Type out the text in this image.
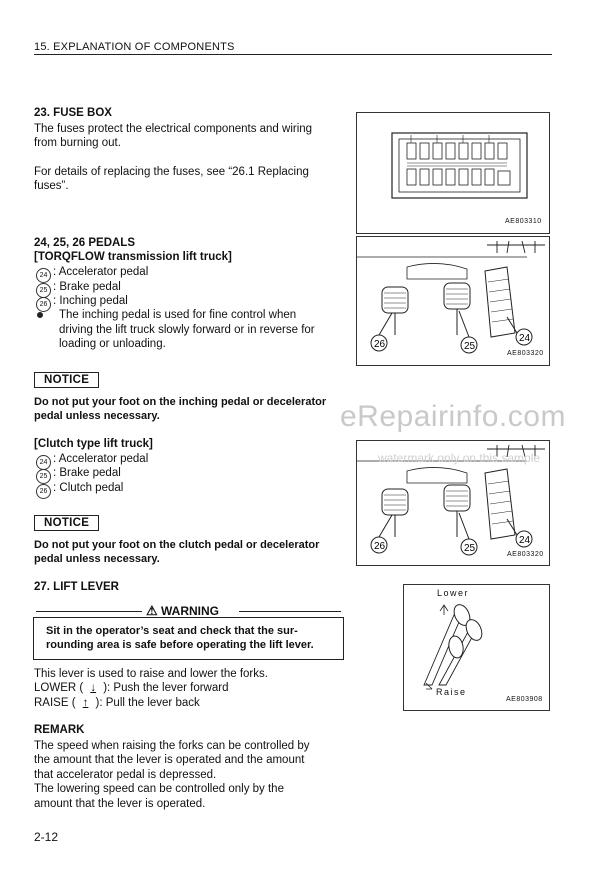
15. EXPLANATION OF COMPONENTS
23. FUSE BOX
The fuses protect the electrical components and wiring
from burning out.
For details of replacing the fuses, see “26.1 Replacing
fuses”.
AE803310
24, 25, 26 PEDALS
[TORQFLOW transmission lift truck]
24 : Accelerator pedal
25 : Brake pedal
26 : Inching pedal
The inching pedal is used for fine control when
driving the lift truck slowly forward or in reverse for
loading or unloading.	26	25
24
AE803320
NOTICE
Do not put your foot on the inching pedal or decelerator
pedal unless necessary.
[Clutch type lift truck]
24 : Accelerator pedal
25 : Brake pedal
26 : Clutch pedal
26	25
24
AE803320
NOTICE
Do not put your foot on the clutch pedal or decelerator
pedal unless necessary.
27. LIFT LEVER
⚠ WARNING
Sit in the operator’s seat and check that the sur-
rounding area is safe before operating the lift lever.
This lever is used to raise and lower the forks.
LOWER ( ↓ ): Push the lever forward
RAISE ( ↑ ): Pull the lever back
REMARK
The speed when raising the forks can be controlled by
the amount that the lever is operated and the amount
that accelerator pedal is depressed.
The lowering speed can be controlled only by the
amount that the lever is operated.
Lower
Raise
AE803908
eRepairinfo.com
watermark only on this sample
2-12
